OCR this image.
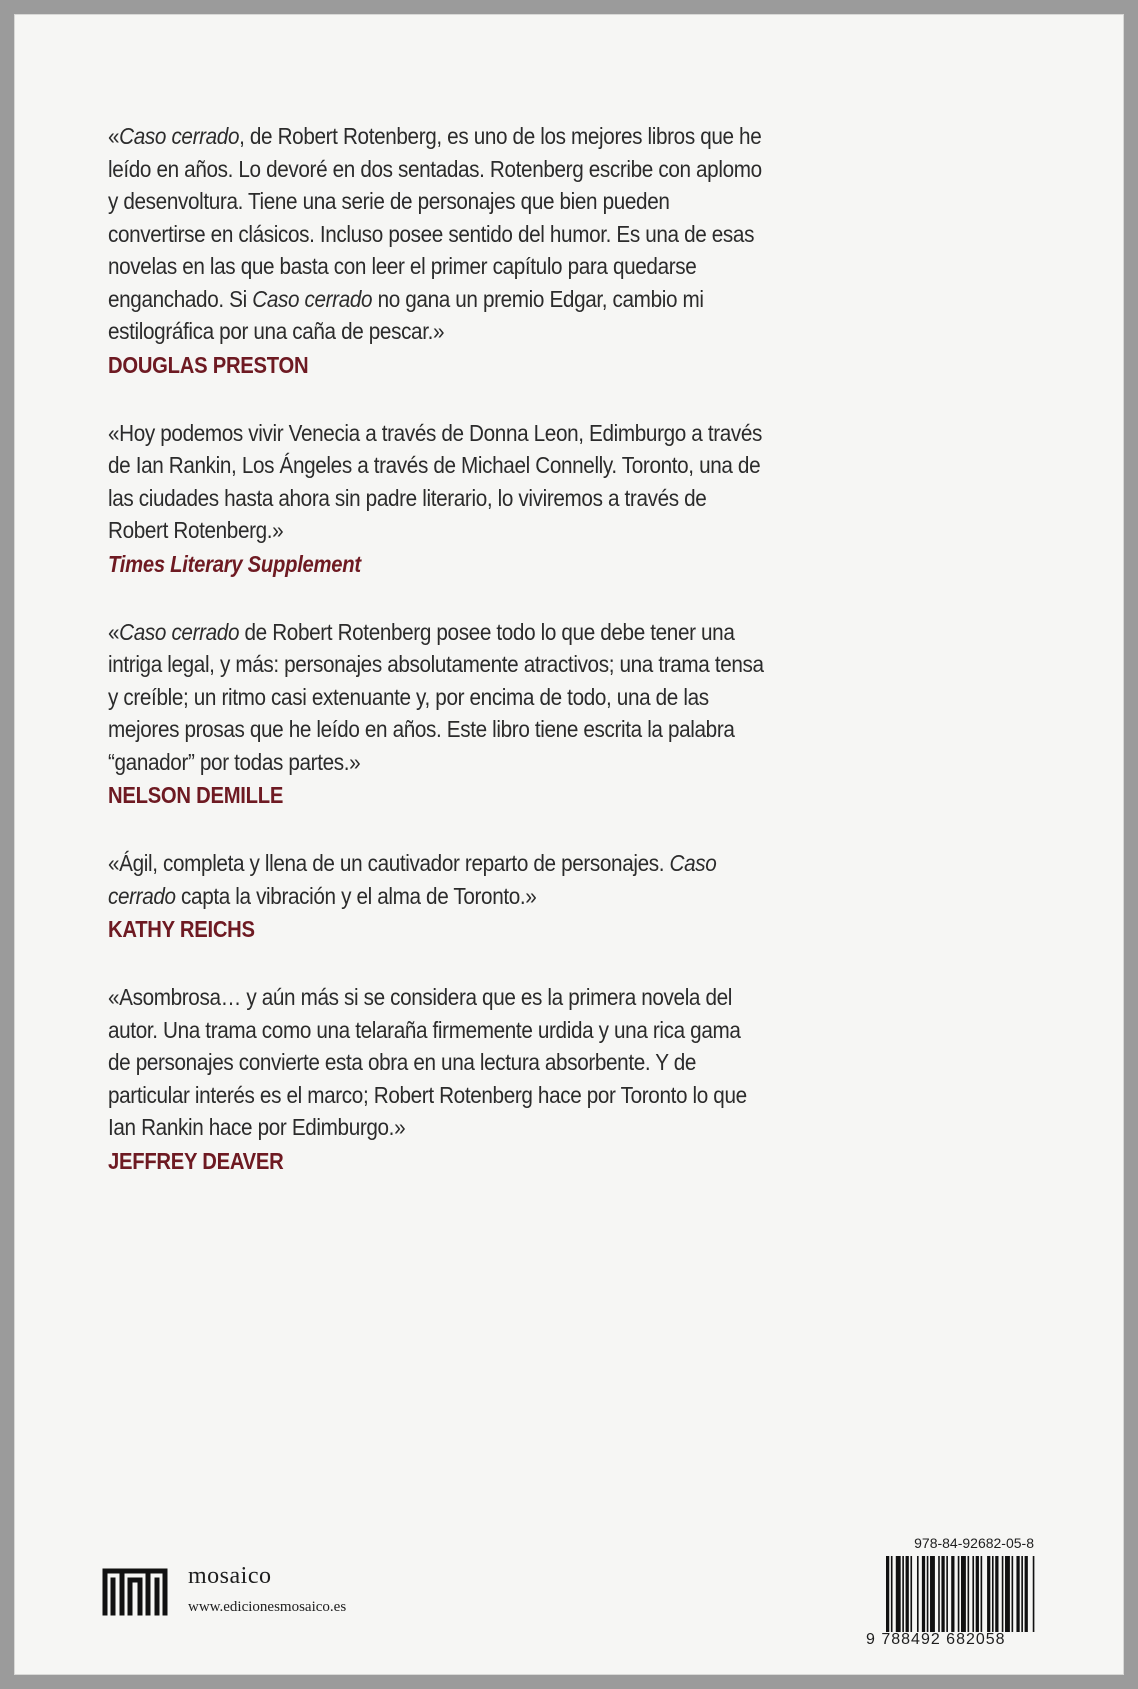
«Caso cerrado, de Robert Rotenberg, es uno de los mejores libros que he leído en años. Lo devoré en dos sentadas. Rotenberg escribe con aplomo y desenvoltura. Tiene una serie de personajes que bien pueden convertirse en clásicos. Incluso posee sentido del humor. Es una de esas novelas en las que basta con leer el primer capítulo para quedarse enganchado. Si Caso cerrado no gana un premio Edgar, cambio mi estilográfica por una caña de pescar.»

DOUGLAS PRESTON

«Hoy podemos vivir Venecia a través de Donna Leon, Edimburgo a través de Ian Rankin, Los Ángeles a través de Michael Connelly. Toronto, una de las ciudades hasta ahora sin padre literario, lo viviremos a través de Robert Rotenberg.»

Times Literary Supplement

«Caso cerrado de Robert Rotenberg posee todo lo que debe tener una intriga legal, y más: personajes absolutamente atractivos; una trama tensa y creíble; un ritmo casi extenuante y, por encima de todo, una de las mejores prosas que he leído en años. Este libro tiene escrita la palabra “ganador” por todas partes.»

NELSON DEMILLE

«Ágil, completa y llena de un cautivador reparto de personajes. Caso cerrado capta la vibración y el alma de Toronto.»

KATHY REICHS

«Asombrosa… y aún más si se considera que es la primera novela del autor. Una trama como una telaraña firmemente urdida y una rica gama de personajes convierte esta obra en una lectura absorbente. Y de particular interés es el marco; Robert Rotenberg hace por Toronto lo que Ian Rankin hace por Edimburgo.»

JEFFREY DEAVER
mosaico
www.edicionesmosaico.es
978-84-92682-05-8
9 788492 682058
